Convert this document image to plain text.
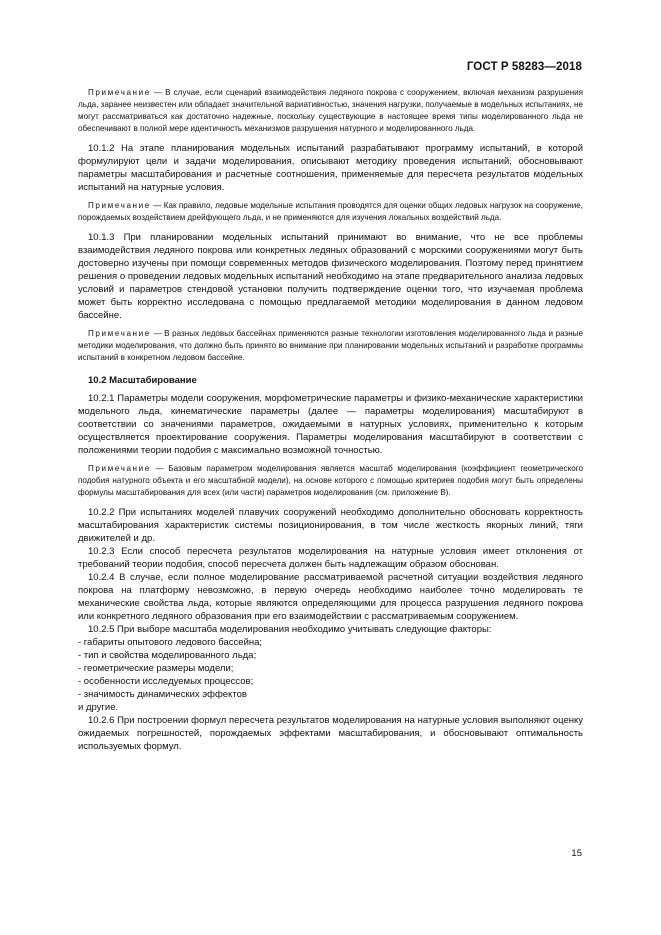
ГОСТ Р 58283—2018

Примечание — В случае, если сценарий взаимодействия ледяного покрова с сооружением, включая механизм разрушения льда, заранее неизвестен или обладает значительной вариативностью, значения нагрузки, получаемые в модельных испытаниях, не могут рассматриваться как достаточно надежные, поскольку существующие в настоящее время типы моделированного льда не обеспечивают в полной мере идентичность механизмов разрушения натурного и моделированного льда.

10.1.2 На этапе планирования модельных испытаний разрабатывают программу испытаний, в которой формулируют цели и задачи моделирования, описывают методику проведения испытаний, обосновывают параметры масштабирования и расчетные соотношения, применяемые для пересчета результатов модельных испытаний на натурные условия.

Примечание — Как правило, ледовые модельные испытания проводятся для оценки общих ледовых нагрузок на сооружение, порождаемых воздействием дрейфующего льда, и не применяются для изучения локальных воздействий льда.

10.1.3 При планировании модельных испытаний принимают во внимание, что не все проблемы взаимодействия ледяного покрова или конкретных ледяных образований с морскими сооружениями могут быть достоверно изучены при помощи современных методов физического моделирования. Поэтому перед принятием решения о проведении ледовых модельных испытаний необходимо на этапе предварительного анализа ледовых условий и параметров стендовой установки получить подтверждение оценки того, что изучаемая проблема может быть корректно исследована с помощью предлагаемой методики моделирования в данном ледовом бассейне.

Примечание — В разных ледовых бассейнах применяются разные технологии изготовления моделированного льда и разные методики моделирования, что должно быть принято во внимание при планировании модельных испытаний и разработке программы испытаний в конкретном ледовом бассейне.

10.2 Масштабирование

10.2.1 Параметры модели сооружения, морфометрические параметры и физико-механические характеристики модельного льда, кинематические параметры (далее — параметры моделирования) масштабируют в соответствии со значениями параметров, ожидаемыми в натурных условиях, применительно к которым осуществляется проектирование сооружения. Параметры моделирования масштабируют в соответствии с положениями теории подобия с максимально возможной точностью.

Примечание — Базовым параметром моделирования является масштаб моделирования (коэффициент геометрического подобия натурного объекта и его масштабной модели), на основе которого с помощью критериев подобия могут быть определены формулы масштабирования для всех (или части) параметров моделирования (см. приложение В).

10.2.2 При испытаниях моделей плавучих сооружений необходимо дополнительно обосновать корректность масштабирования характеристик системы позиционирования, в том числе жесткость якорных линий, тяги движителей и др.

10.2.3 Если способ пересчета результатов моделирования на натурные условия имеет отклонения от требований теории подобия, способ пересчета должен быть надлежащим образом обоснован.

10.2.4 В случае, если полное моделирование рассматриваемой расчетной ситуации воздействия ледяного покрова на платформу невозможно, в первую очередь необходимо наиболее точно моделировать те механические свойства льда, которые являются определяющими для процесса разрушения ледяного покрова или конкретного ледяного образования при его взаимодействии с рассматриваемым сооружением.

10.2.5 При выборе масштаба моделирования необходимо учитывать следующие факторы:

- габариты опытового ледового бассейна;
- тип и свойства моделированного льда;
- геометрические размеры модели;
- особенности исследуемых процессов;
- значимость динамических эффектов
и другие.

10.2.6 При построении формул пересчета результатов моделирования на натурные условия выполняют оценку ожидаемых погрешностей, порождаемых эффектами масштабирования, и обосновывают оптимальность используемых формул.

15
